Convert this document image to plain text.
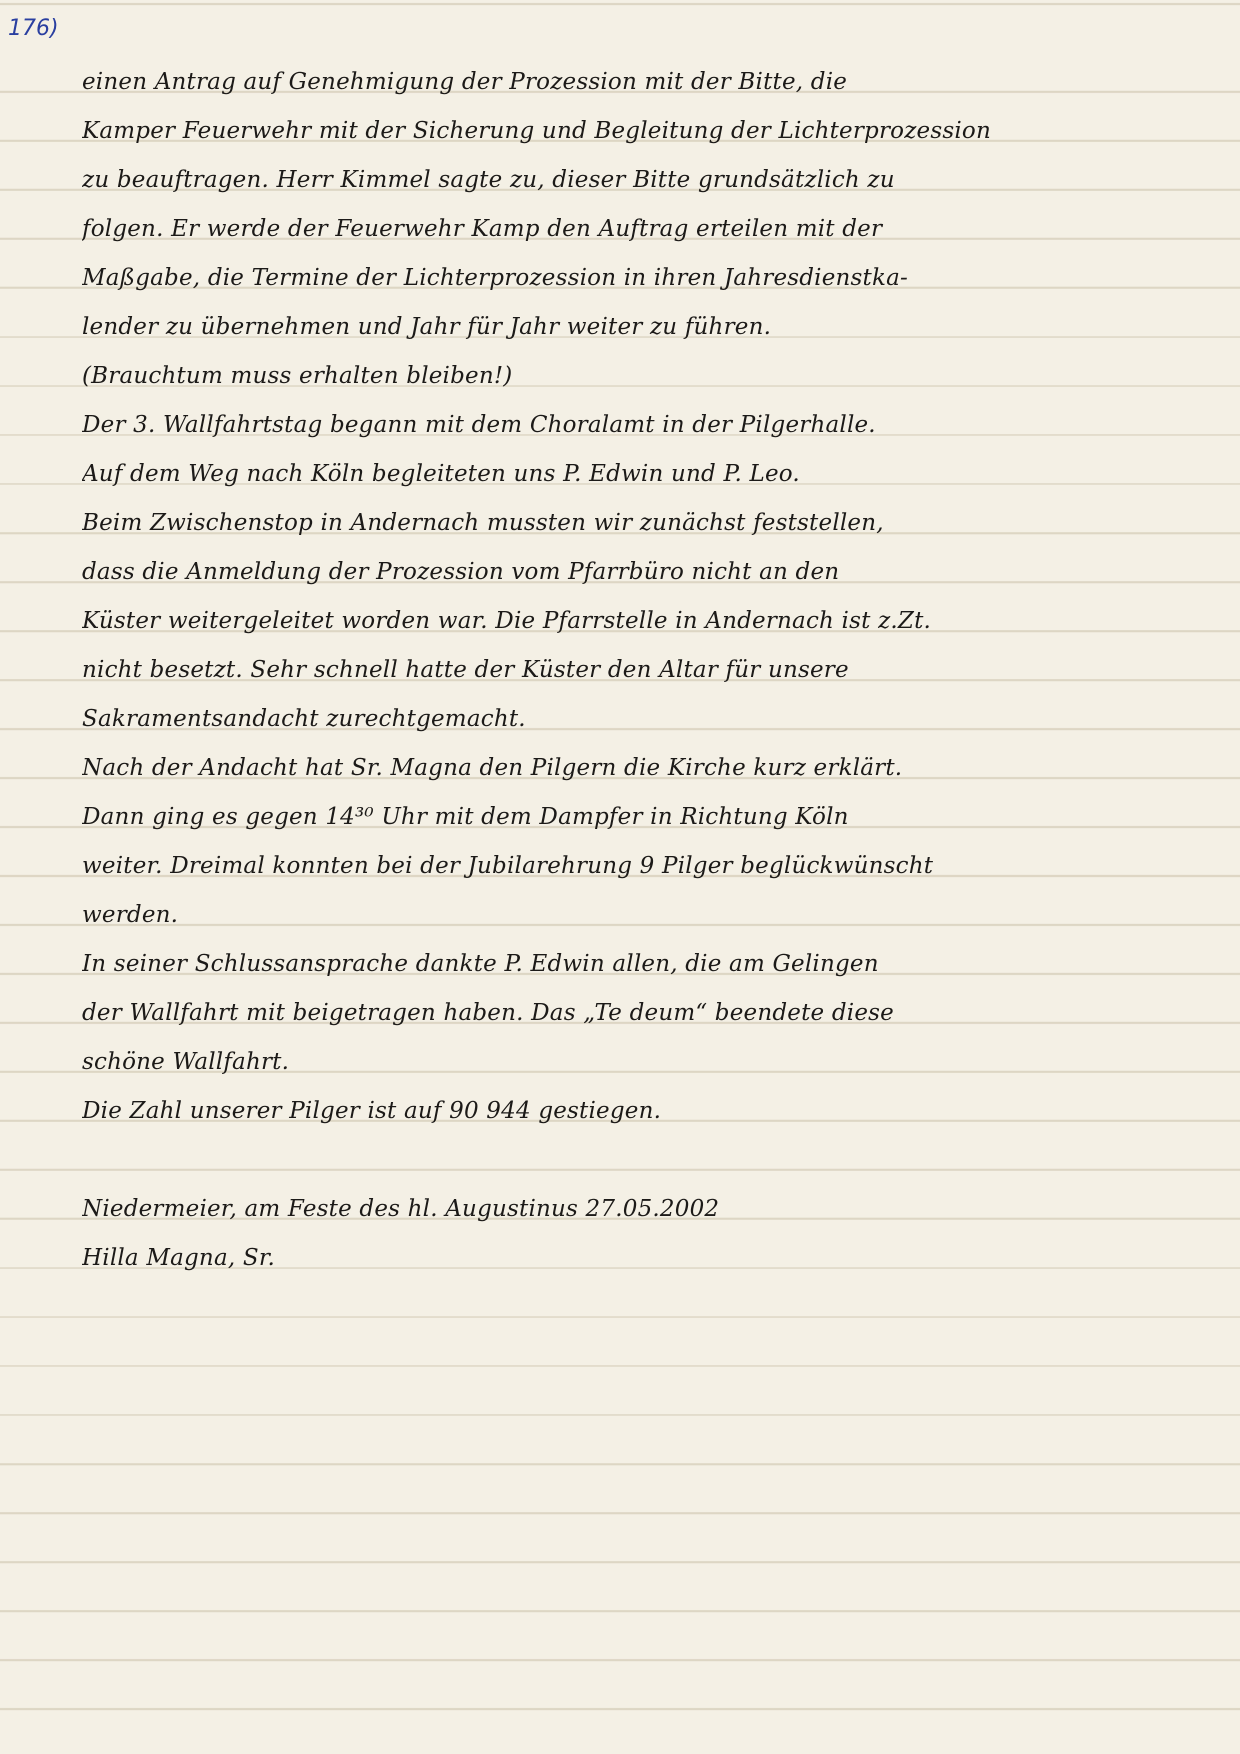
176)
einen Antrag auf Genehmigung der Prozession mit der Bitte, die
Kamper Feuerwehr mit der Sicherung und Begleitung der Lichterprozession
zu beauftragen. Herr Kimmel sagte zu, dieser Bitte grundsätzlich zu
folgen. Er werde der Feuerwehr Kamp den Auftrag erteilen mit der
Maßgabe, die Termine der Lichterprozession in ihren Jahresdienstka-
lender zu übernehmen und Jahr für Jahr weiter zu führen.
(Brauchtum muss erhalten bleiben!)
Der 3. Wallfahrtstag begann mit dem Choralamt in der Pilgerhalle.
Auf dem Weg nach Köln begleiteten uns P. Edwin und P. Leo.
Beim Zwischenstop in Andernach mussten wir zunächst feststellen,
dass die Anmeldung der Prozession vom Pfarrbüro nicht an den
Küster weitergeleitet worden war. Die Pfarrstelle in Andernach ist z.Zt.
nicht besetzt. Sehr schnell hatte der Küster den Altar für unsere
Sakramentsandacht zurechtgemacht.
Nach der Andacht hat Sr. Magna den Pilgern die Kirche kurz erklärt.
Dann ging es gegen 14³⁰ Uhr mit dem Dampfer in Richtung Köln
weiter. Dreimal konnten bei der Jubilarehrung 9 Pilger beglückwünscht
werden.
In seiner Schlussansprache dankte P. Edwin allen, die am Gelingen
der Wallfahrt mit beigetragen haben. Das „Te deum“ beendete diese
schöne Wallfahrt.
Die Zahl unserer Pilger ist auf 90 944 gestiegen.
Niedermeier, am Feste des hl. Augustinus 27.05.2002
Hilla Magna, Sr.
